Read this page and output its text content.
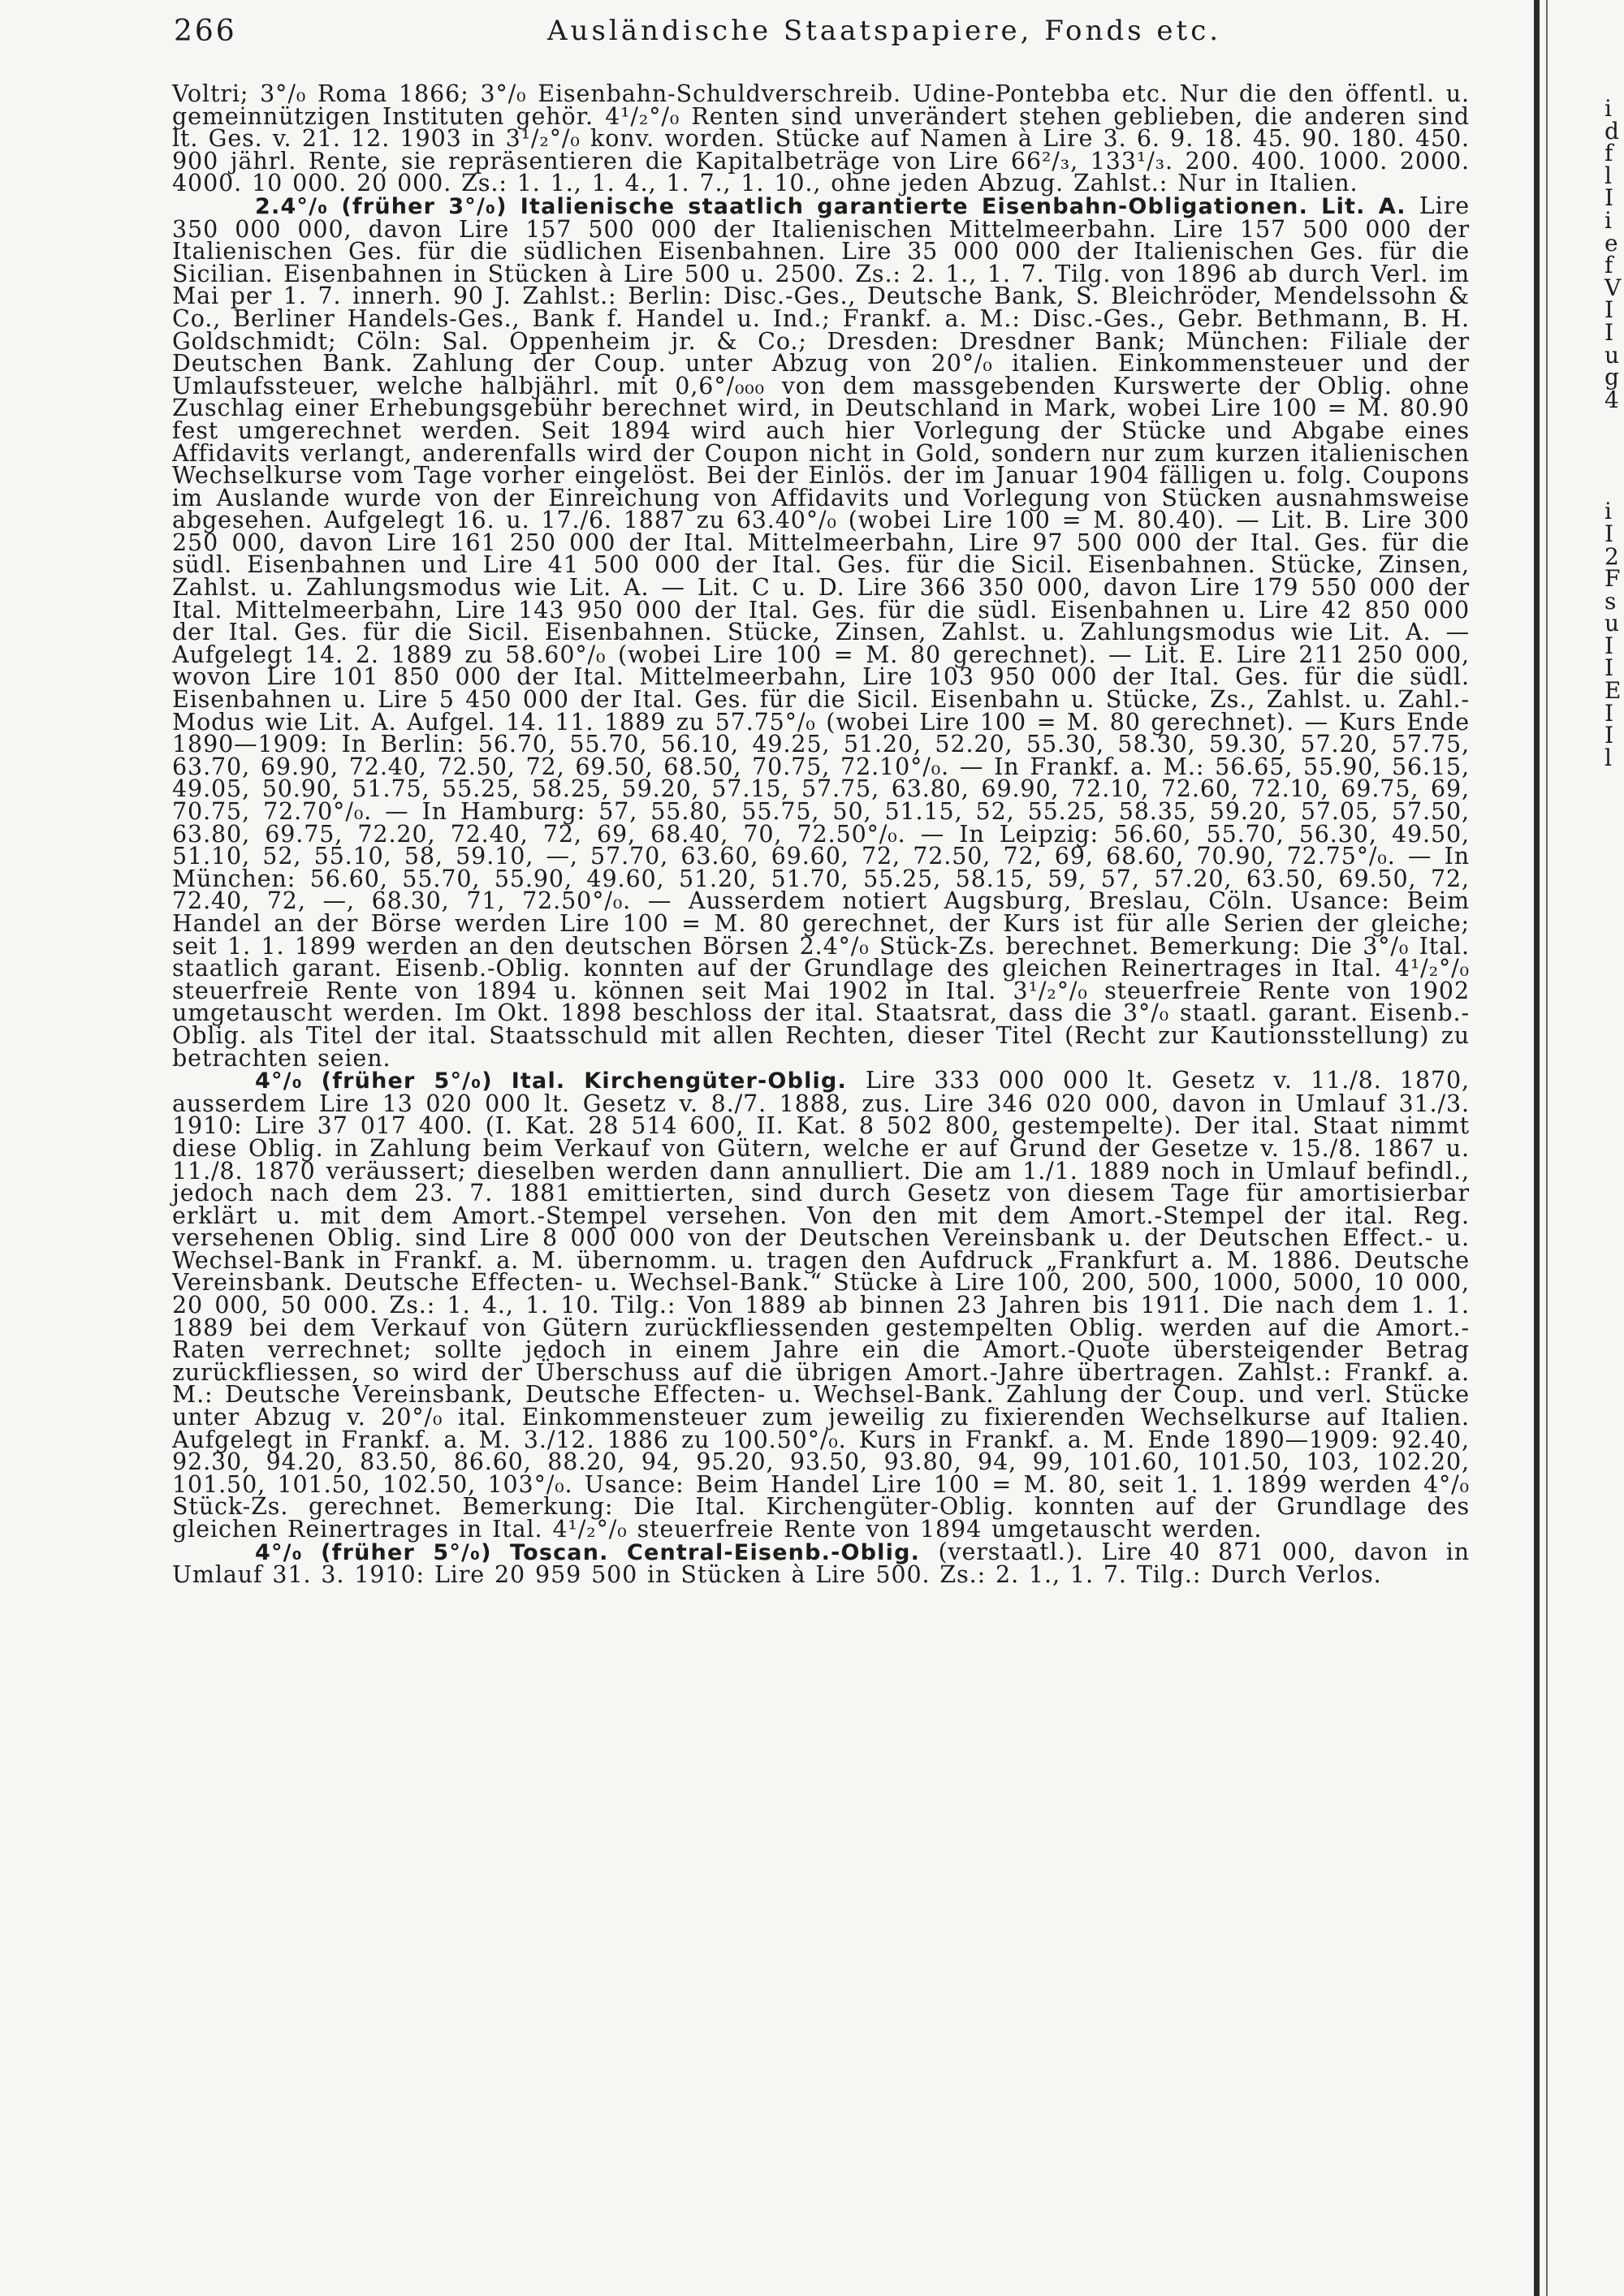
266	Ausländische Staatspapiere, Fonds etc.

Voltri; 3°/₀ Roma 1866; 3°/₀ Eisenbahn-Schuldverschreib. Udine-Pontebba etc. Nur die den öffentl. u. gemeinnützigen Instituten gehör. 4¹/₂°/₀ Renten sind unverändert stehen geblieben, die anderen sind lt. Ges. v. 21. 12. 1903 in 3¹/₂°/₀ konv. worden. Stücke auf Namen à Lire 3. 6. 9. 18. 45. 90. 180. 450. 900 jährl. Rente, sie repräsentieren die Kapitalbeträge von Lire 66²/₃, 133¹/₃. 200. 400. 1000. 2000. 4000. 10 000. 20 000. Zs.: 1. 1., 1. 4., 1. 7., 1. 10., ohne jeden Abzug. Zahlst.: Nur in Italien.

2.4°/₀ (früher 3°/₀) Italienische staatlich garantierte Eisenbahn-Obligationen. Lit. A. Lire 350 000 000, davon Lire 157 500 000 der Italienischen Mittelmeerbahn. Lire 157 500 000 der Italienischen Ges. für die südlichen Eisenbahnen. Lire 35 000 000 der Italienischen Ges. für die Sicilian. Eisenbahnen in Stücken à Lire 500 u. 2500. Zs.: 2. 1., 1. 7. Tilg. von 1896 ab durch Verl. im Mai per 1. 7. innerh. 90 J. Zahlst.: Berlin: Disc.-Ges., Deutsche Bank, S. Bleichröder, Mendelssohn & Co., Berliner Handels-Ges., Bank f. Handel u. Ind.; Frankf. a. M.: Disc.-Ges., Gebr. Bethmann, B. H. Goldschmidt; Cöln: Sal. Oppenheim jr. & Co.; Dresden: Dresdner Bank; München: Filiale der Deutschen Bank. Zahlung der Coup. unter Abzug von 20°/₀ italien. Einkommensteuer und der Umlaufssteuer, welche halbjährl. mit 0,6°/₀₀₀ von dem massgebenden Kurswerte der Oblig. ohne Zuschlag einer Erhebungsgebühr berechnet wird, in Deutschland in Mark, wobei Lire 100 = M. 80.90 fest umgerechnet werden. Seit 1894 wird auch hier Vorlegung der Stücke und Abgabe eines Affidavits verlangt, anderenfalls wird der Coupon nicht in Gold, sondern nur zum kurzen italienischen Wechselkurse vom Tage vorher eingelöst. Bei der Einlös. der im Januar 1904 fälligen u. folg. Coupons im Auslande wurde von der Einreichung von Affidavits und Vorlegung von Stücken ausnahmsweise abgesehen. Aufgelegt 16. u. 17./6. 1887 zu 63.40°/₀ (wobei Lire 100 = M. 80.40). — Lit. B. Lire 300 250 000, davon Lire 161 250 000 der Ital. Mittelmeerbahn, Lire 97 500 000 der Ital. Ges. für die südl. Eisenbahnen und Lire 41 500 000 der Ital. Ges. für die Sicil. Eisenbahnen. Stücke, Zinsen, Zahlst. u. Zahlungsmodus wie Lit. A. — Lit. C u. D. Lire 366 350 000, davon Lire 179 550 000 der Ital. Mittelmeerbahn, Lire 143 950 000 der Ital. Ges. für die südl. Eisenbahnen u. Lire 42 850 000 der Ital. Ges. für die Sicil. Eisenbahnen. Stücke, Zinsen, Zahlst. u. Zahlungsmodus wie Lit. A. — Aufgelegt 14. 2. 1889 zu 58.60°/₀ (wobei Lire 100 = M. 80 gerechnet). — Lit. E. Lire 211 250 000, wovon Lire 101 850 000 der Ital. Mittelmeerbahn, Lire 103 950 000 der Ital. Ges. für die südl. Eisenbahnen u. Lire 5 450 000 der Ital. Ges. für die Sicil. Eisenbahn u. Stücke, Zs., Zahlst. u. Zahl.-Modus wie Lit. A. Aufgel. 14. 11. 1889 zu 57.75°/₀ (wobei Lire 100 = M. 80 gerechnet). — Kurs Ende 1890—1909: In Berlin: 56.70, 55.70, 56.10, 49.25, 51.20, 52.20, 55.30, 58.30, 59.30, 57.20, 57.75, 63.70, 69.90, 72.40, 72.50, 72, 69.50, 68.50, 70.75, 72.10°/₀. — In Frankf. a. M.: 56.65, 55.90, 56.15, 49.05, 50.90, 51.75, 55.25, 58.25, 59.20, 57.15, 57.75, 63.80, 69.90, 72.10, 72.60, 72.10, 69.75, 69, 70.75, 72.70°/₀. — In Hamburg: 57, 55.80, 55.75, 50, 51.15, 52, 55.25, 58.35, 59.20, 57.05, 57.50, 63.80, 69.75, 72.20, 72.40, 72, 69, 68.40, 70, 72.50°/₀. — In Leipzig: 56.60, 55.70, 56.30, 49.50, 51.10, 52, 55.10, 58, 59.10, —, 57.70, 63.60, 69.60, 72, 72.50, 72, 69, 68.60, 70.90, 72.75°/₀. — In München: 56.60, 55.70, 55.90, 49.60, 51.20, 51.70, 55.25, 58.15, 59, 57, 57.20, 63.50, 69.50, 72, 72.40, 72, —, 68.30, 71, 72.50°/₀. — Ausserdem notiert Augsburg, Breslau, Cöln. Usance: Beim Handel an der Börse werden Lire 100 = M. 80 gerechnet, der Kurs ist für alle Serien der gleiche; seit 1. 1. 1899 werden an den deutschen Börsen 2.4°/₀ Stück-Zs. berechnet. Bemerkung: Die 3°/₀ Ital. staatlich garant. Eisenb.-Oblig. konnten auf der Grundlage des gleichen Reinertrages in Ital. 4¹/₂°/₀ steuerfreie Rente von 1894 u. können seit Mai 1902 in Ital. 3¹/₂°/₀ steuerfreie Rente von 1902 umgetauscht werden. Im Okt. 1898 beschloss der ital. Staatsrat, dass die 3°/₀ staatl. garant. Eisenb.-Oblig. als Titel der ital. Staatsschuld mit allen Rechten, dieser Titel (Recht zur Kautionsstellung) zu betrachten seien.

4°/₀ (früher 5°/₀) Ital. Kirchengüter-Oblig. Lire 333 000 000 lt. Gesetz v. 11./8. 1870, ausserdem Lire 13 020 000 lt. Gesetz v. 8./7. 1888, zus. Lire 346 020 000, davon in Umlauf 31./3. 1910: Lire 37 017 400. (I. Kat. 28 514 600, II. Kat. 8 502 800, gestempelte). Der ital. Staat nimmt diese Oblig. in Zahlung beim Verkauf von Gütern, welche er auf Grund der Gesetze v. 15./8. 1867 u. 11./8. 1870 veräussert; dieselben werden dann annulliert. Die am 1./1. 1889 noch in Umlauf befindl., jedoch nach dem 23. 7. 1881 emittierten, sind durch Gesetz von diesem Tage für amortisierbar erklärt u. mit dem Amort.-Stempel versehen. Von den mit dem Amort.-Stempel der ital. Reg. versehenen Oblig. sind Lire 8 000 000 von der Deutschen Vereinsbank u. der Deutschen Effect.- u. Wechsel-Bank in Frankf. a. M. übernomm. u. tragen den Aufdruck „Frankfurt a. M. 1886. Deutsche Vereinsbank. Deutsche Effecten- u. Wechsel-Bank.“ Stücke à Lire 100, 200, 500, 1000, 5000, 10 000, 20 000, 50 000. Zs.: 1. 4., 1. 10. Tilg.: Von 1889 ab binnen 23 Jahren bis 1911. Die nach dem 1. 1. 1889 bei dem Verkauf von Gütern zurückfliessenden gestempelten Oblig. werden auf die Amort.-Raten verrechnet; sollte jedoch in einem Jahre ein die Amort.-Quote übersteigender Betrag zurückfliessen, so wird der Überschuss auf die übrigen Amort.-Jahre übertragen. Zahlst.: Frankf. a. M.: Deutsche Vereinsbank, Deutsche Effecten- u. Wechsel-Bank. Zahlung der Coup. und verl. Stücke unter Abzug v. 20°/₀ ital. Einkommensteuer zum jeweilig zu fixierenden Wechselkurse auf Italien. Aufgelegt in Frankf. a. M. 3./12. 1886 zu 100.50°/₀. Kurs in Frankf. a. M. Ende 1890—1909: 92.40, 92.30, 94.20, 83.50, 86.60, 88.20, 94, 95.20, 93.50, 93.80, 94, 99, 101.60, 101.50, 103, 102.20, 101.50, 101.50, 102.50, 103°/₀. Usance: Beim Handel Lire 100 = M. 80, seit 1. 1. 1899 werden 4°/₀ Stück-Zs. gerechnet. Bemerkung: Die Ital. Kirchengüter-Oblig. konnten auf der Grundlage des gleichen Reinertrages in Ital. 4¹/₂°/₀ steuerfreie Rente von 1894 umgetauscht werden.

4°/₀ (früher 5°/₀) Toscan. Central-Eisenb.-Oblig. (verstaatl.). Lire 40 871 000, davon in Umlauf 31. 3. 1910: Lire 20 959 500 in Stücken à Lire 500. Zs.: 2. 1., 1. 7. Tilg.: Durch Verlos.

i
d
f
l
I
i
e
f
V
I
I
u
g
4
i
I
2
F
s
u
I
I
E
I
I
l
